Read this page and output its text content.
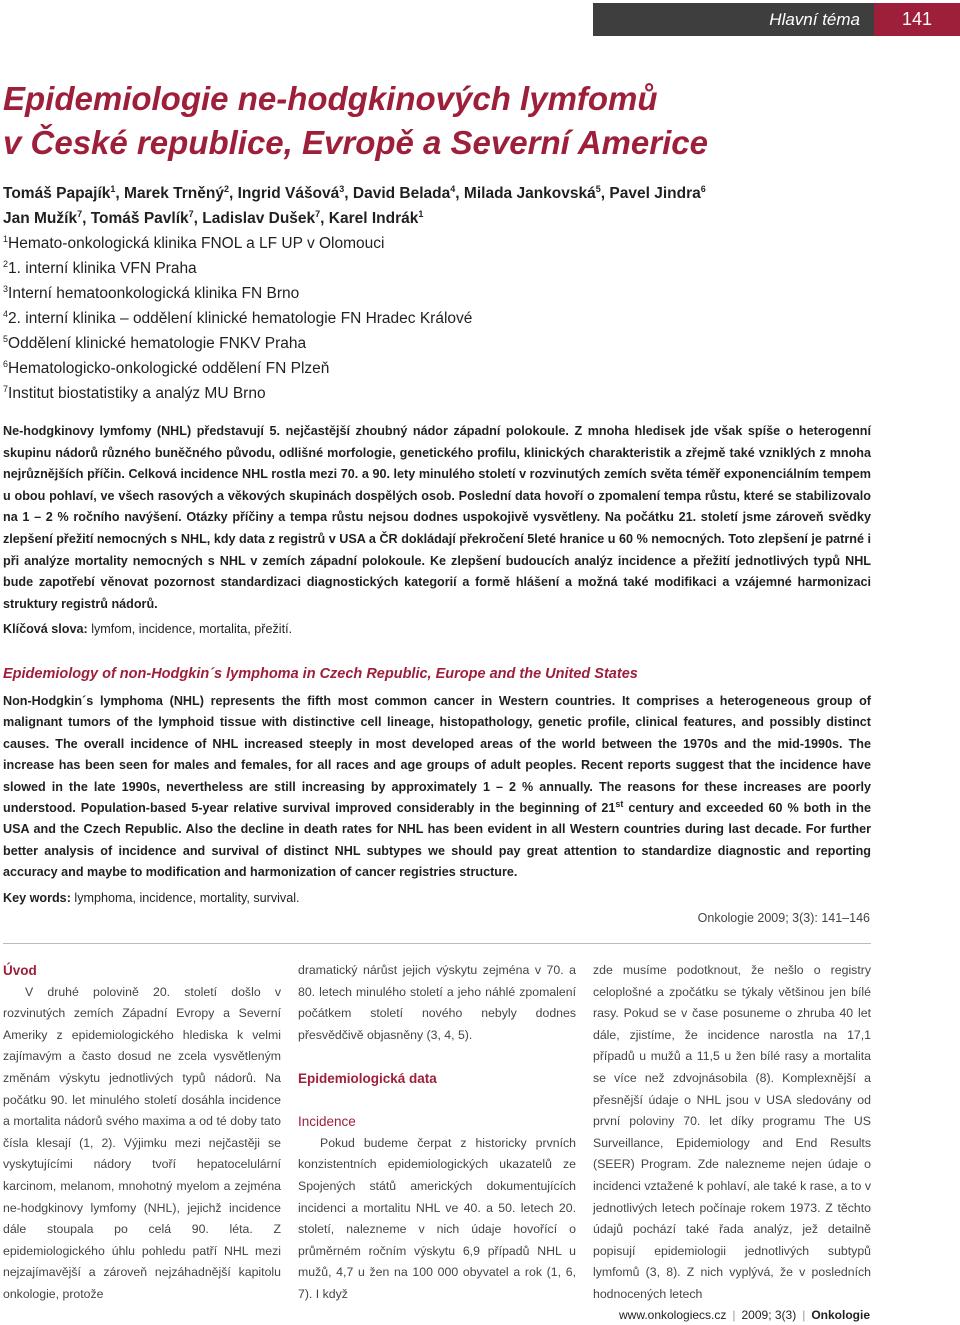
Hlavní téma	141
Epidemiologie ne-hodgkinových lymfomů
v České republice, Evropě a Severní Americe
Tomáš Papajík$^1$, Marek Trněný$^2$, Ingrid Vášová$^3$, David Belada$^4$, Milada Jankovská$^5$, Pavel Jindra$^6$
Jan Mužík$^7$, Tomáš Pavlík$^7$, Ladislav Dušek$^7$, Karel Indrák$^1$
$^1$Hemato-onkologická klinika FNOL a LF UP v Olomouci
$^2$1. interní klinika VFN Praha
$^3$Interní hematoonkologická klinika FN Brno
$^4$2. interní klinika – oddělení klinické hematologie FN Hradec Králové
$^5$Oddělení klinické hematologie FNKV Praha
$^6$Hematologicko-onkologické oddělení FN Plzeň
$^7$Institut biostatistiky a analýz MU Brno

Ne-hodgkinovy lymfomy (NHL) představují 5. nejčastější zhoubný nádor západní polokoule. Z mnoha hledisek jde však spíše o heterogenní skupinu nádorů různého buněčného původu, odlišné morfologie, genetického profilu, klinických charakteristik a zřejmě také vzniklých z mnoha nejrůznějších příčin. Celková incidence NHL rostla mezi 70. a 90. lety minulého století v rozvinutých zemích světa téměř exponenciálním tempem u obou pohlaví, ve všech rasových a věkových skupinách dospělých osob. Poslední data hovoří o zpomalení tempa růstu, které se stabilizovalo na 1 – 2 % ročního navýšení. Otázky příčiny a tempa růstu nejsou dodnes uspokojivě vysvětleny. Na počátku 21. století jsme zároveň svědky zlepšení přežití nemocných s NHL, kdy data z registrů v USA a ČR dokládají překročení 5leté hranice u 60 % nemocných. Toto zlepšení je patrné i při analýze mortality nemocných s NHL v zemích západní polokoule. Ke zlepšení budoucích analýz incidence a přežití jednotlivých typů NHL bude zapotřebí věnovat pozornost standardizaci diagnostických kategorií a formě hlášení a možná také modifikaci a vzájemné harmonizaci struktury registrů nádorů.

Klíčová slova: lymfom, incidence, mortalita, přežití.
Epidemiology of non-Hodgkin´s lymphoma in Czech Republic, Europe and the United States

Non-Hodgkin´s lymphoma (NHL) represents the fifth most common cancer in Western countries. It comprises a heterogeneous group of malignant tumors of the lymphoid tissue with distinctive cell lineage, histopathology, genetic profile, clinical features, and possibly distinct causes. The overall incidence of NHL increased steeply in most developed areas of the world between the 1970s and the mid-1990s. The increase has been seen for males and females, for all races and age groups of adult peoples. Recent reports suggest that the incidence have slowed in the late 1990s, nevertheless are still increasing by approximately 1 – 2 % annually. The reasons for these increases are poorly understood. Population-based 5-year relative survival improved considerably in the beginning of 21st century and exceeded 60 % both in the USA and the Czech Republic. Also the decline in death rates for NHL has been evident in all Western countries during last decade. For further better analysis of incidence and survival of distinct NHL subtypes we should pay great attention to standardize diagnostic and reporting accuracy and maybe to modification and harmonization of cancer registries structure.

Key words: lymphoma, incidence, mortality, survival.
Onkologie 2009; 3(3): 141–146

Úvod

V druhé polovině 20. století došlo v rozvinutých zemích Západní Evropy a Severní Ameriky z epidemiologického hlediska k velmi zajímavým a často dosud ne zcela vysvětleným změnám výskytu jednotlivých typů nádorů. Na počátku 90. let minulého století dosáhla incidence a mortalita nádorů svého maxima a od té doby tato čísla klesají (1, 2). Výjimku mezi nejčastěji se vyskytujícími nádory tvoří hepatocelulární karcinom, melanom, mnohotný myelom a zejména ne-hodgkinovy lymfomy (NHL), jejichž incidence dále stoupala po celá 90. léta. Z epidemiologického úhlu pohledu patří NHL mezi nejzajímavější a zároveň nejzáhadnější kapitolu onkologie, protože

dramatický nárůst jejich výskytu zejména v 70. a 80. letech minulého století a jeho náhlé zpomalení počátkem století nového nebyly dodnes přesvědčivě objasněny (3, 4, 5).

Epidemiologická data

Incidence

Pokud budeme čerpat z historicky prvních konzistentních epidemiologických ukazatelů ze Spojených států amerických dokumentujících incidenci a mortalitu NHL ve 40. a 50. letech 20. století, nalezneme v nich údaje hovořící o průměrném ročním výskytu 6,9 případů NHL u mužů, 4,7 u žen na 100 000 obyvatel a rok (1, 6, 7). I když

zde musíme podotknout, že nešlo o registry celoplošné a zpočátku se týkaly většinou jen bílé rasy. Pokud se v čase posuneme o zhruba 40 let dále, zjistíme, že incidence narostla na 17,1 případů u mužů a 11,5 u žen bílé rasy a mortalita se více než zdvojnásobila (8). Komplexnější a přesnější údaje o NHL jsou v USA sledovány od první poloviny 70. let díky programu The US Surveillance, Epidemiology and End Results (SEER) Program. Zde nalezneme nejen údaje o incidenci vztažené k pohlaví, ale také k rase, a to v jednotlivých letech počínaje rokem 1973. Z těchto údajů pochází také řada analýz, jež detailně popisují epidemiologii jednotlivých subtypů lymfomů (3, 8). Z nich vyplývá, že v posledních hodnocených letech

www.onkologiecs.cz | 2009; 3(3) | Onkologie
